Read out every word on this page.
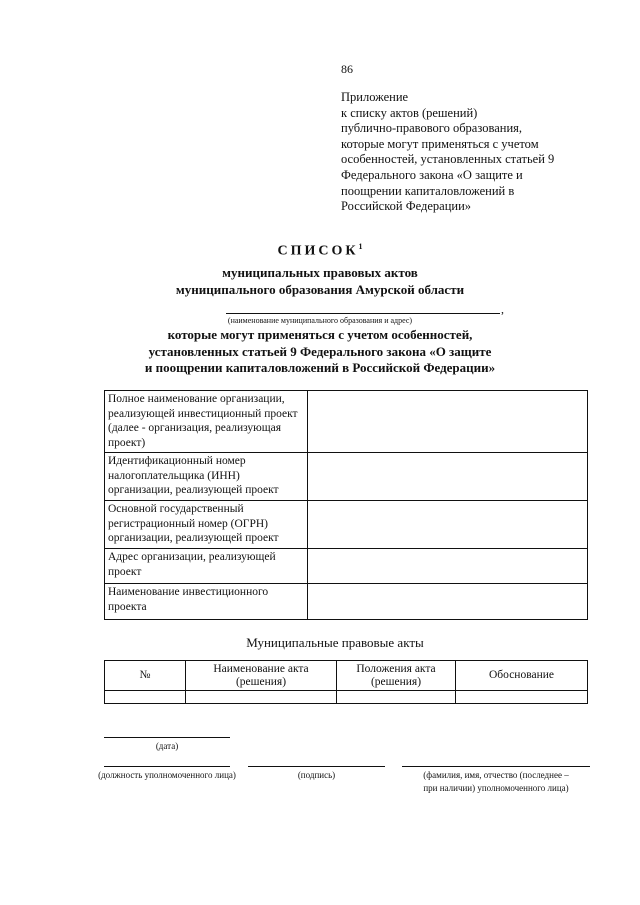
86
Приложение
к списку актов (решений)
публично-правового образования,
которые могут применяться с учетом
особенностей, установленных статьей 9
Федерального закона «О защите и
поощрении капиталовложений в
Российской Федерации»
СПИСОК$^1$
муниципальных правовых актов
муниципального образования Амурской области
,
(наименование муниципального образования и адрес)
которые могут применяться с учетом особенностей,
установленных статьей 9 Федерального закона «О защите
и поощрении капиталовложений в Российской Федерации»
Полное наименование организации, реализующей инвестиционный проект (далее - организация, реализующая проект)	
Идентификационный номер налогоплательщика (ИНН) организации, реализующей проект	
Основной государственный регистрационный номер (ОГРН) организации, реализующей проект	
Адрес организации, реализующей проект	
Наименование инвестиционного проекта	
Муниципальные правовые акты
№	Наименование акта (решения)	Положения акта (решения)	Обоснование

(дата)
(должность уполномоченного лица)	(подпись)	(фамилия, имя, отчество (последнее – при наличии) уполномоченного лица)
